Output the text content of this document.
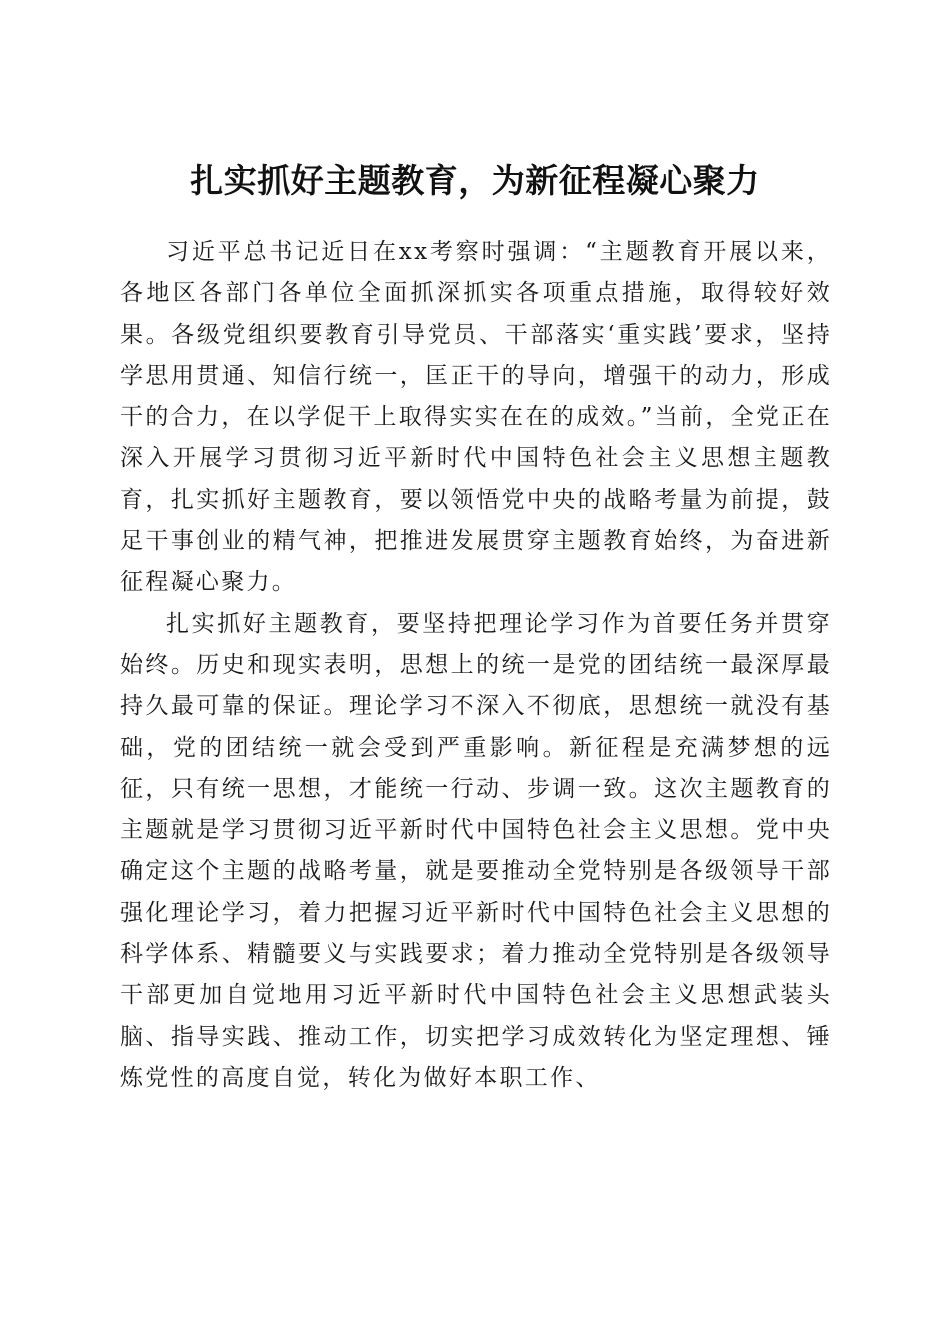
扎实抓好主题教育，为新征程凝心聚力

习近平总书记近日在xx考察时强调：“主题教育开展以来，各地区各部门各单位全面抓深抓实各项重点措施，取得较好效果。各级党组织要教育引导党员、干部落实‘重实践’要求，坚持学思用贯通、知信行统一，匡正干的导向，增强干的动力，形成干的合力，在以学促干上取得实实在在的成效。”当前，全党正在深入开展学习贯彻习近平新时代中国特色社会主义思想主题教育，扎实抓好主题教育，要以领悟党中央的战略考量为前提，鼓足干事创业的精气神，把推进发展贯穿主题教育始终，为奋进新征程凝心聚力。

扎实抓好主题教育，要坚持把理论学习作为首要任务并贯穿始终。历史和现实表明，思想上的统一是党的团结统一最深厚最持久最可靠的保证。理论学习不深入不彻底，思想统一就没有基础，党的团结统一就会受到严重影响。新征程是充满梦想的远征，只有统一思想，才能统一行动、步调一致。这次主题教育的主题就是学习贯彻习近平新时代中国特色社会主义思想。党中央确定这个主题的战略考量，就是要推动全党特别是各级领导干部强化理论学习，着力把握习近平新时代中国特色社会主义思想的科学体系、精髓要义与实践要求；着力推动全党特别是各级领导干部更加自觉地用习近平新时代中国特色社会主义思想武装头脑、指导实践、推动工作，切实把学习成效转化为坚定理想、锤炼党性的高度自觉，转化为做好本职工作、
